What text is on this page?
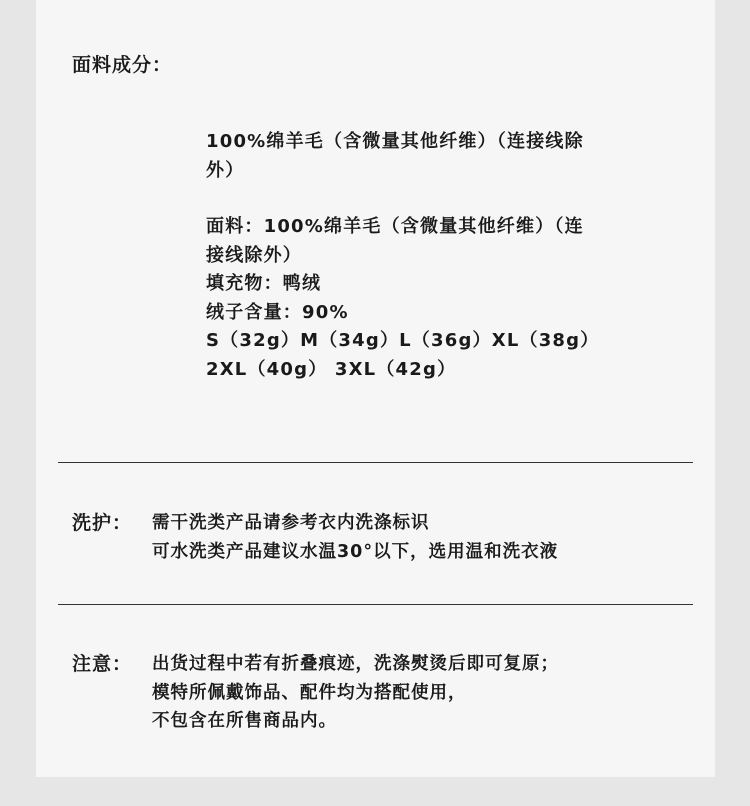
面料成分：
100%绵羊毛（含微量其他纤维）（连接线除
外）
面料：100%绵羊毛（含微量其他纤维）（连
接线除外）
填充物：鸭绒
绒子含量：90%
S（32g）M（34g）L（36g）XL（38g）
2XL（40g） 3XL（42g）
洗护： 需干洗类产品请参考衣内洗涤标识
可水洗类产品建议水温30°以下，选用温和洗衣液
注意： 出货过程中若有折叠痕迹，洗涤熨烫后即可复原；
模特所佩戴饰品、配件均为搭配使用，
不包含在所售商品内。
